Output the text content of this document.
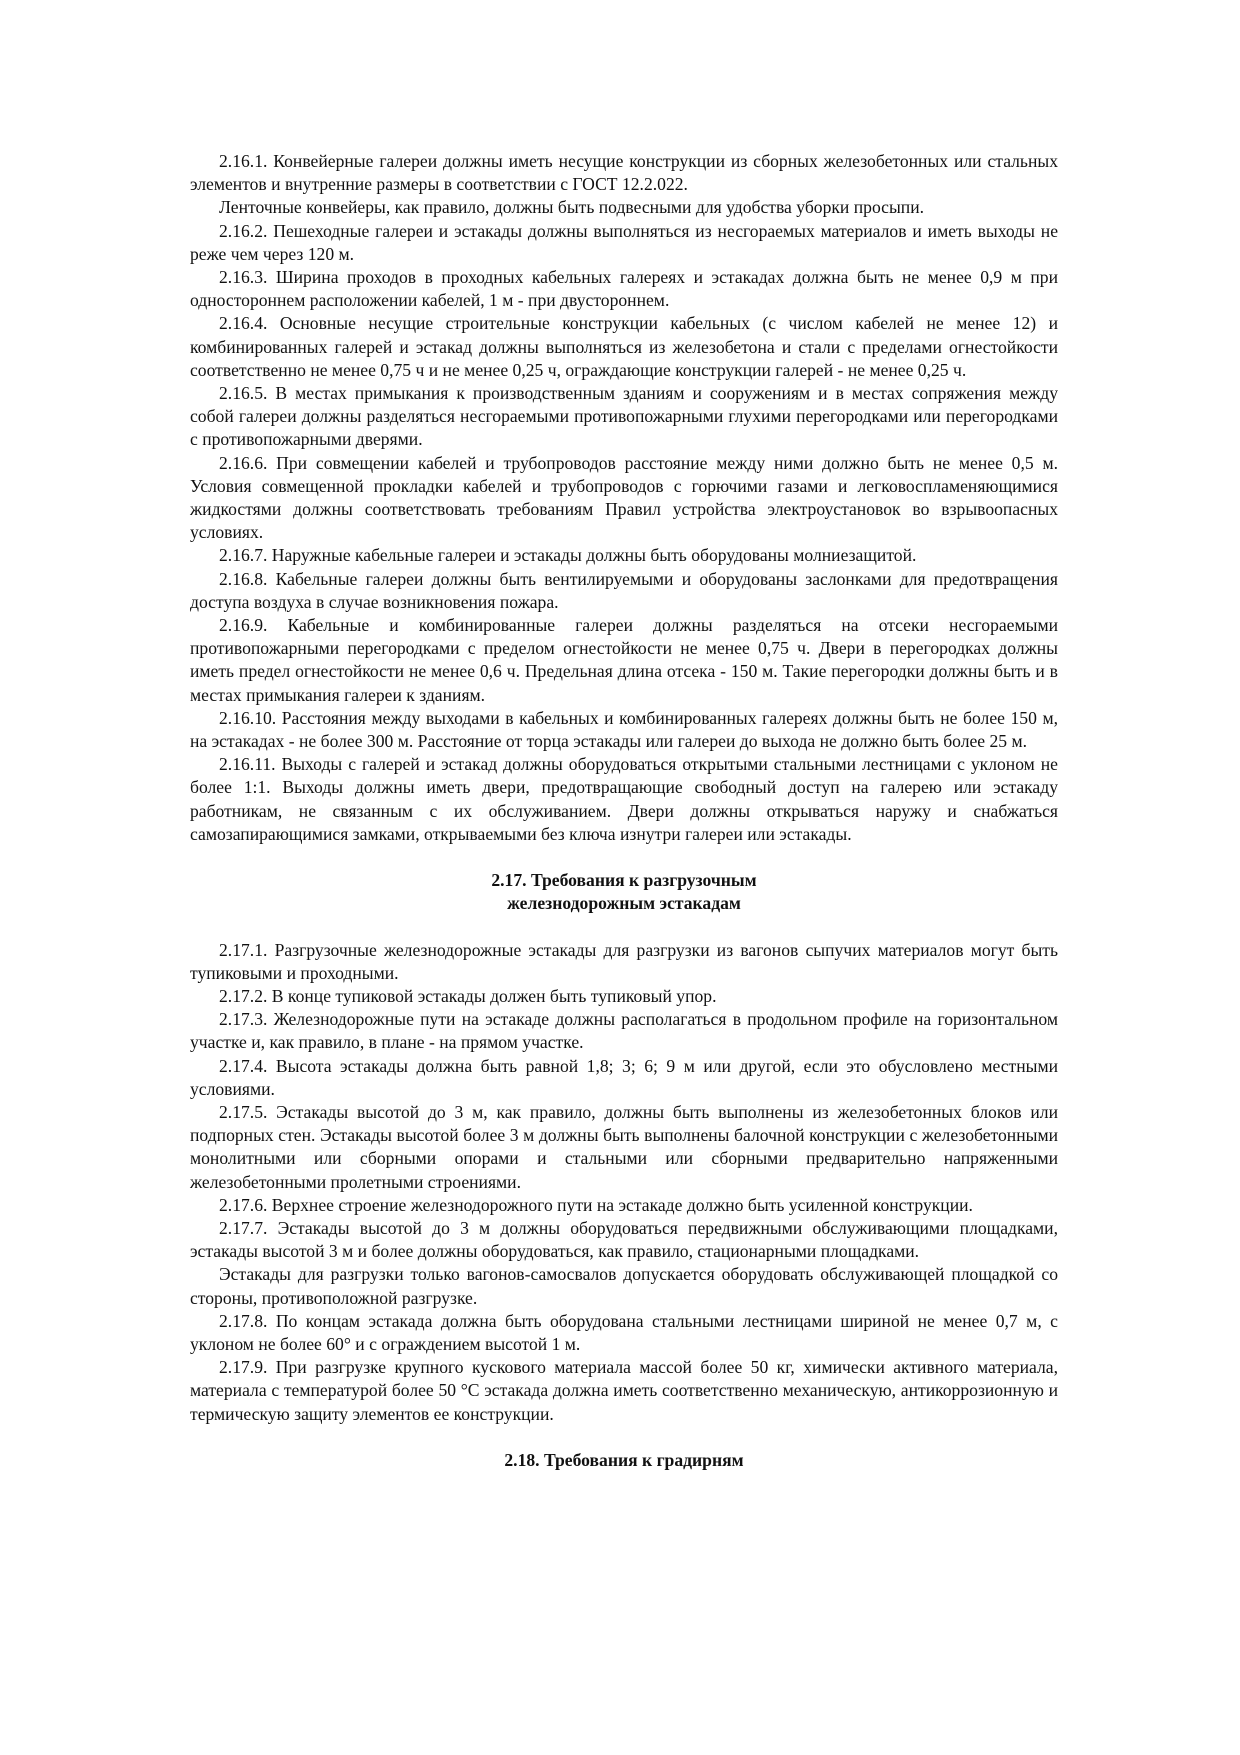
2.16.1. Конвейерные галереи должны иметь несущие конструкции из сборных железобетонных или стальных элементов и внутренние размеры в соответствии с ГОСТ 12.2.022.

Ленточные конвейеры, как правило, должны быть подвесными для удобства уборки просыпи.

2.16.2. Пешеходные галереи и эстакады должны выполняться из несгораемых материалов и иметь выходы не реже чем через 120 м.

2.16.3. Ширина проходов в проходных кабельных галереях и эстакадах должна быть не менее 0,9 м при одностороннем расположении кабелей, 1 м - при двустороннем.

2.16.4. Основные несущие строительные конструкции кабельных (с числом кабелей не менее 12) и комбинированных галерей и эстакад должны выполняться из железобетона и стали с пределами огнестойкости соответственно не менее 0,75 ч и не менее 0,25 ч, ограждающие конструкции галерей - не менее 0,25 ч.

2.16.5. В местах примыкания к производственным зданиям и сооружениям и в местах сопряжения между собой галереи должны разделяться несгораемыми противопожарными глухими перегородками или перегородками с противопожарными дверями.

2.16.6. При совмещении кабелей и трубопроводов расстояние между ними должно быть не менее 0,5 м. Условия совмещенной прокладки кабелей и трубопроводов с горючими газами и легковоспламеняющимися жидкостями должны соответствовать требованиям Правил устройства электроустановок во взрывоопасных условиях.

2.16.7. Наружные кабельные галереи и эстакады должны быть оборудованы молниезащитой.

2.16.8. Кабельные галереи должны быть вентилируемыми и оборудованы заслонками для предотвращения доступа воздуха в случае возникновения пожара.

2.16.9. Кабельные и комбинированные галереи должны разделяться на отсеки несгораемыми противопожарными перегородками с пределом огнестойкости не менее 0,75 ч. Двери в перегородках должны иметь предел огнестойкости не менее 0,6 ч. Предельная длина отсека - 150 м. Такие перегородки должны быть и в местах примыкания галереи к зданиям.

2.16.10. Расстояния между выходами в кабельных и комбинированных галереях должны быть не более 150 м, на эстакадах - не более 300 м. Расстояние от торца эстакады или галереи до выхода не должно быть более 25 м.

2.16.11. Выходы с галерей и эстакад должны оборудоваться открытыми стальными лестницами с уклоном не более 1:1. Выходы должны иметь двери, предотвращающие свободный доступ на галерею или эстакаду работникам, не связанным с их обслуживанием. Двери должны открываться наружу и снабжаться самозапирающимися замками, открываемыми без ключа изнутри галереи или эстакады.

2.17. Требования к разгрузочным

железнодорожным эстакадам

2.17.1. Разгрузочные железнодорожные эстакады для разгрузки из вагонов сыпучих материалов могут быть тупиковыми и проходными.

2.17.2. В конце тупиковой эстакады должен быть тупиковый упор.

2.17.3. Железнодорожные пути на эстакаде должны располагаться в продольном профиле на горизонтальном участке и, как правило, в плане - на прямом участке.

2.17.4. Высота эстакады должна быть равной 1,8; 3; 6; 9 м или другой, если это обусловлено местными условиями.

2.17.5. Эстакады высотой до 3 м, как правило, должны быть выполнены из железобетонных блоков или подпорных стен. Эстакады высотой более 3 м должны быть выполнены балочной конструкции с железобетонными монолитными или сборными опорами и стальными или сборными предварительно напряженными железобетонными пролетными строениями.

2.17.6. Верхнее строение железнодорожного пути на эстакаде должно быть усиленной конструкции.

2.17.7. Эстакады высотой до 3 м должны оборудоваться передвижными обслуживающими площадками, эстакады высотой 3 м и более должны оборудоваться, как правило, стационарными площадками.

Эстакады для разгрузки только вагонов-самосвалов допускается оборудовать обслуживающей площадкой со стороны, противоположной разгрузке.

2.17.8. По концам эстакада должна быть оборудована стальными лестницами шириной не менее 0,7 м, с уклоном не более 60° и с ограждением высотой 1 м.

2.17.9. При разгрузке крупного кускового материала массой более 50 кг, химически активного материала, материала с температурой более 50 °С эстакада должна иметь соответственно механическую, антикоррозионную и термическую защиту элементов ее конструкции.

2.18. Требования к градирням
